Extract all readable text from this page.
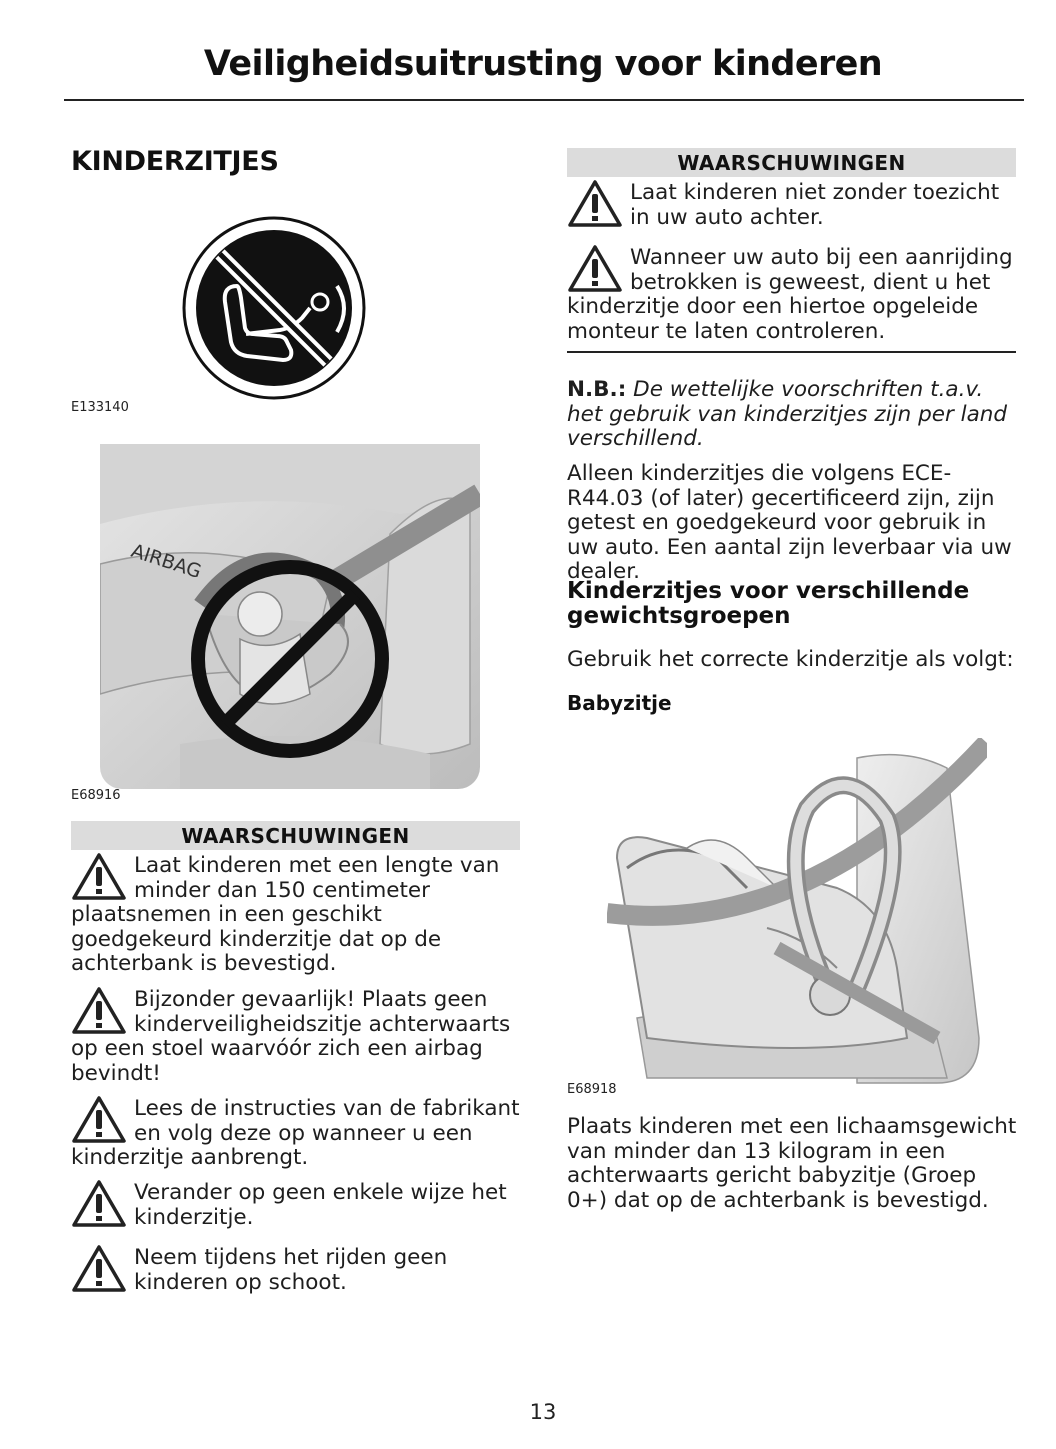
Veiligheidsuitrusting voor kinderen
KINDERZITJES
E133140
AIRBAG
E68916
WAARSCHUWINGEN
Laat kinderen met een lengte van minder dan 150 centimeter plaatsnemen in een geschikt goedgekeurd kinderzitje dat op de achterbank is bevestigd.
Bijzonder gevaarlijk! Plaats geen kinderveiligheidszitje achterwaarts op een stoel waarvóór zich een airbag bevindt!
Lees de instructies van de fabrikant en volg deze op wanneer u een kinderzitje aanbrengt.
Verander op geen enkele wijze het kinderzitje.
Neem tijdens het rijden geen kinderen op schoot.
WAARSCHUWINGEN
Laat kinderen niet zonder toezicht in uw auto achter.
Wanneer uw auto bij een aanrijding betrokken is geweest, dient u het kinderzitje door een hiertoe opgeleide monteur te laten controleren.
N.B.: De wettelijke voorschriften t.a.v. het gebruik van kinderzitjes zijn per land verschillend.
Alleen kinderzitjes die volgens ECE-R44.03 (of later) gecertificeerd zijn, zijn getest en goedgekeurd voor gebruik in uw auto. Een aantal zijn leverbaar via uw dealer.
Kinderzitjes voor verschillende gewichtsgroepen
Gebruik het correcte kinderzitje als volgt:
Babyzitje
E68918
Plaats kinderen met een lichaamsgewicht van minder dan 13 kilogram in een achterwaarts gericht babyzitje (Groep 0+) dat op de achterbank is bevestigd.
13
